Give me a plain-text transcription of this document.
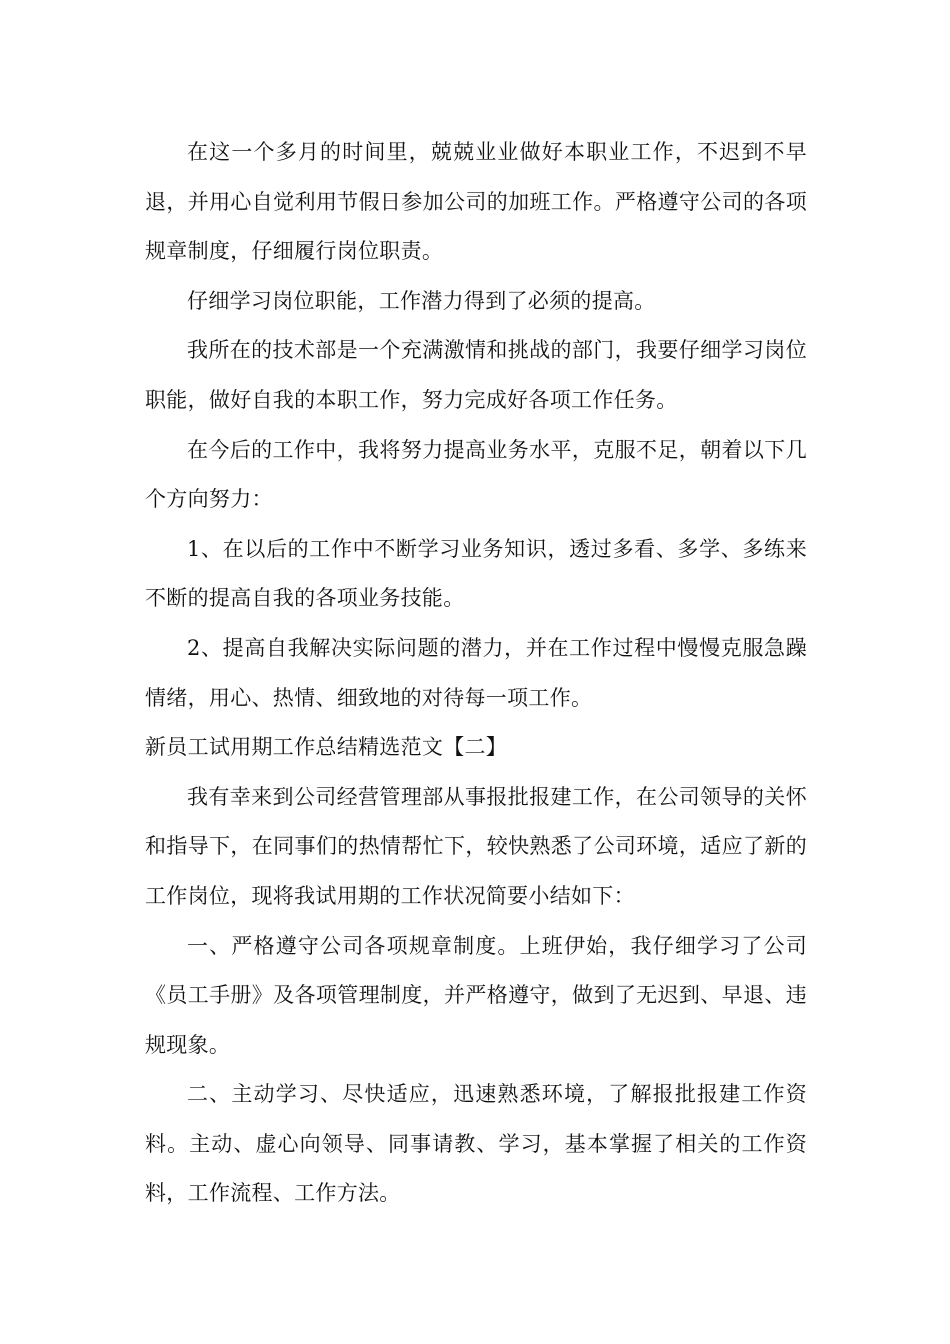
在这一个多月的时间里，兢兢业业做好本职业工作，不迟到不早退，并用心自觉利用节假日参加公司的加班工作。严格遵守公司的各项规章制度，仔细履行岗位职责。

仔细学习岗位职能，工作潜力得到了必须的提高。

我所在的技术部是一个充满激情和挑战的部门，我要仔细学习岗位职能，做好自我的本职工作，努力完成好各项工作任务。

在今后的工作中，我将努力提高业务水平，克服不足，朝着以下几个方向努力：

1、在以后的工作中不断学习业务知识，透过多看、多学、多练来不断的提高自我的各项业务技能。

2、提高自我解决实际问题的潜力，并在工作过程中慢慢克服急躁情绪，用心、热情、细致地的对待每一项工作。

新员工试用期工作总结精选范文【二】

我有幸来到公司经营管理部从事报批报建工作，在公司领导的关怀和指导下，在同事们的热情帮忙下，较快熟悉了公司环境，适应了新的工作岗位，现将我试用期的工作状况简要小结如下：

一、严格遵守公司各项规章制度。上班伊始，我仔细学习了公司《员工手册》及各项管理制度，并严格遵守，做到了无迟到、早退、违规现象。

二、主动学习、尽快适应，迅速熟悉环境，了解报批报建工作资料。主动、虚心向领导、同事请教、学习，基本掌握了相关的工作资料，工作流程、工作方法。
